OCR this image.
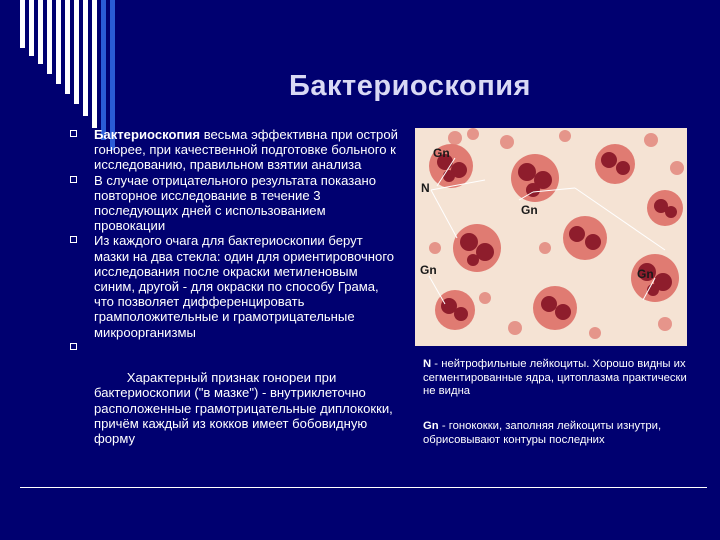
Бактериоскопия
Бактериоскопия весьма эффективна при острой гонорее, при качественной подготовке больного к исследованию, правильном взятии анализа
В случае отрицательного результата показано повторное исследование в течение 3 последующих дней с использованием провокации
Из каждого очага для бактериоскопии берут мазки на два стекла: один для ориентировочного исследования после окраски метиленовым синим, другой - для окраски по способу Грама, что позволяет дифференцировать грамположительные и грамотрицательные микроорганизмы

Характерный признак гонореи при бактериоскопии ("в мазке") - внутриклеточно расположенные грамотрицательные диплококки, причём каждый из кокков имеет бобовидную форму

Gn
N
Gn
Gn	Gn
N - нейтрофильные лейкоциты. Хорошо видны их сегментированные ядра, цитоплазма практически не видна
Gn - гонококки, заполняя лейкоциты изнутри, обрисовывают контуры последних
